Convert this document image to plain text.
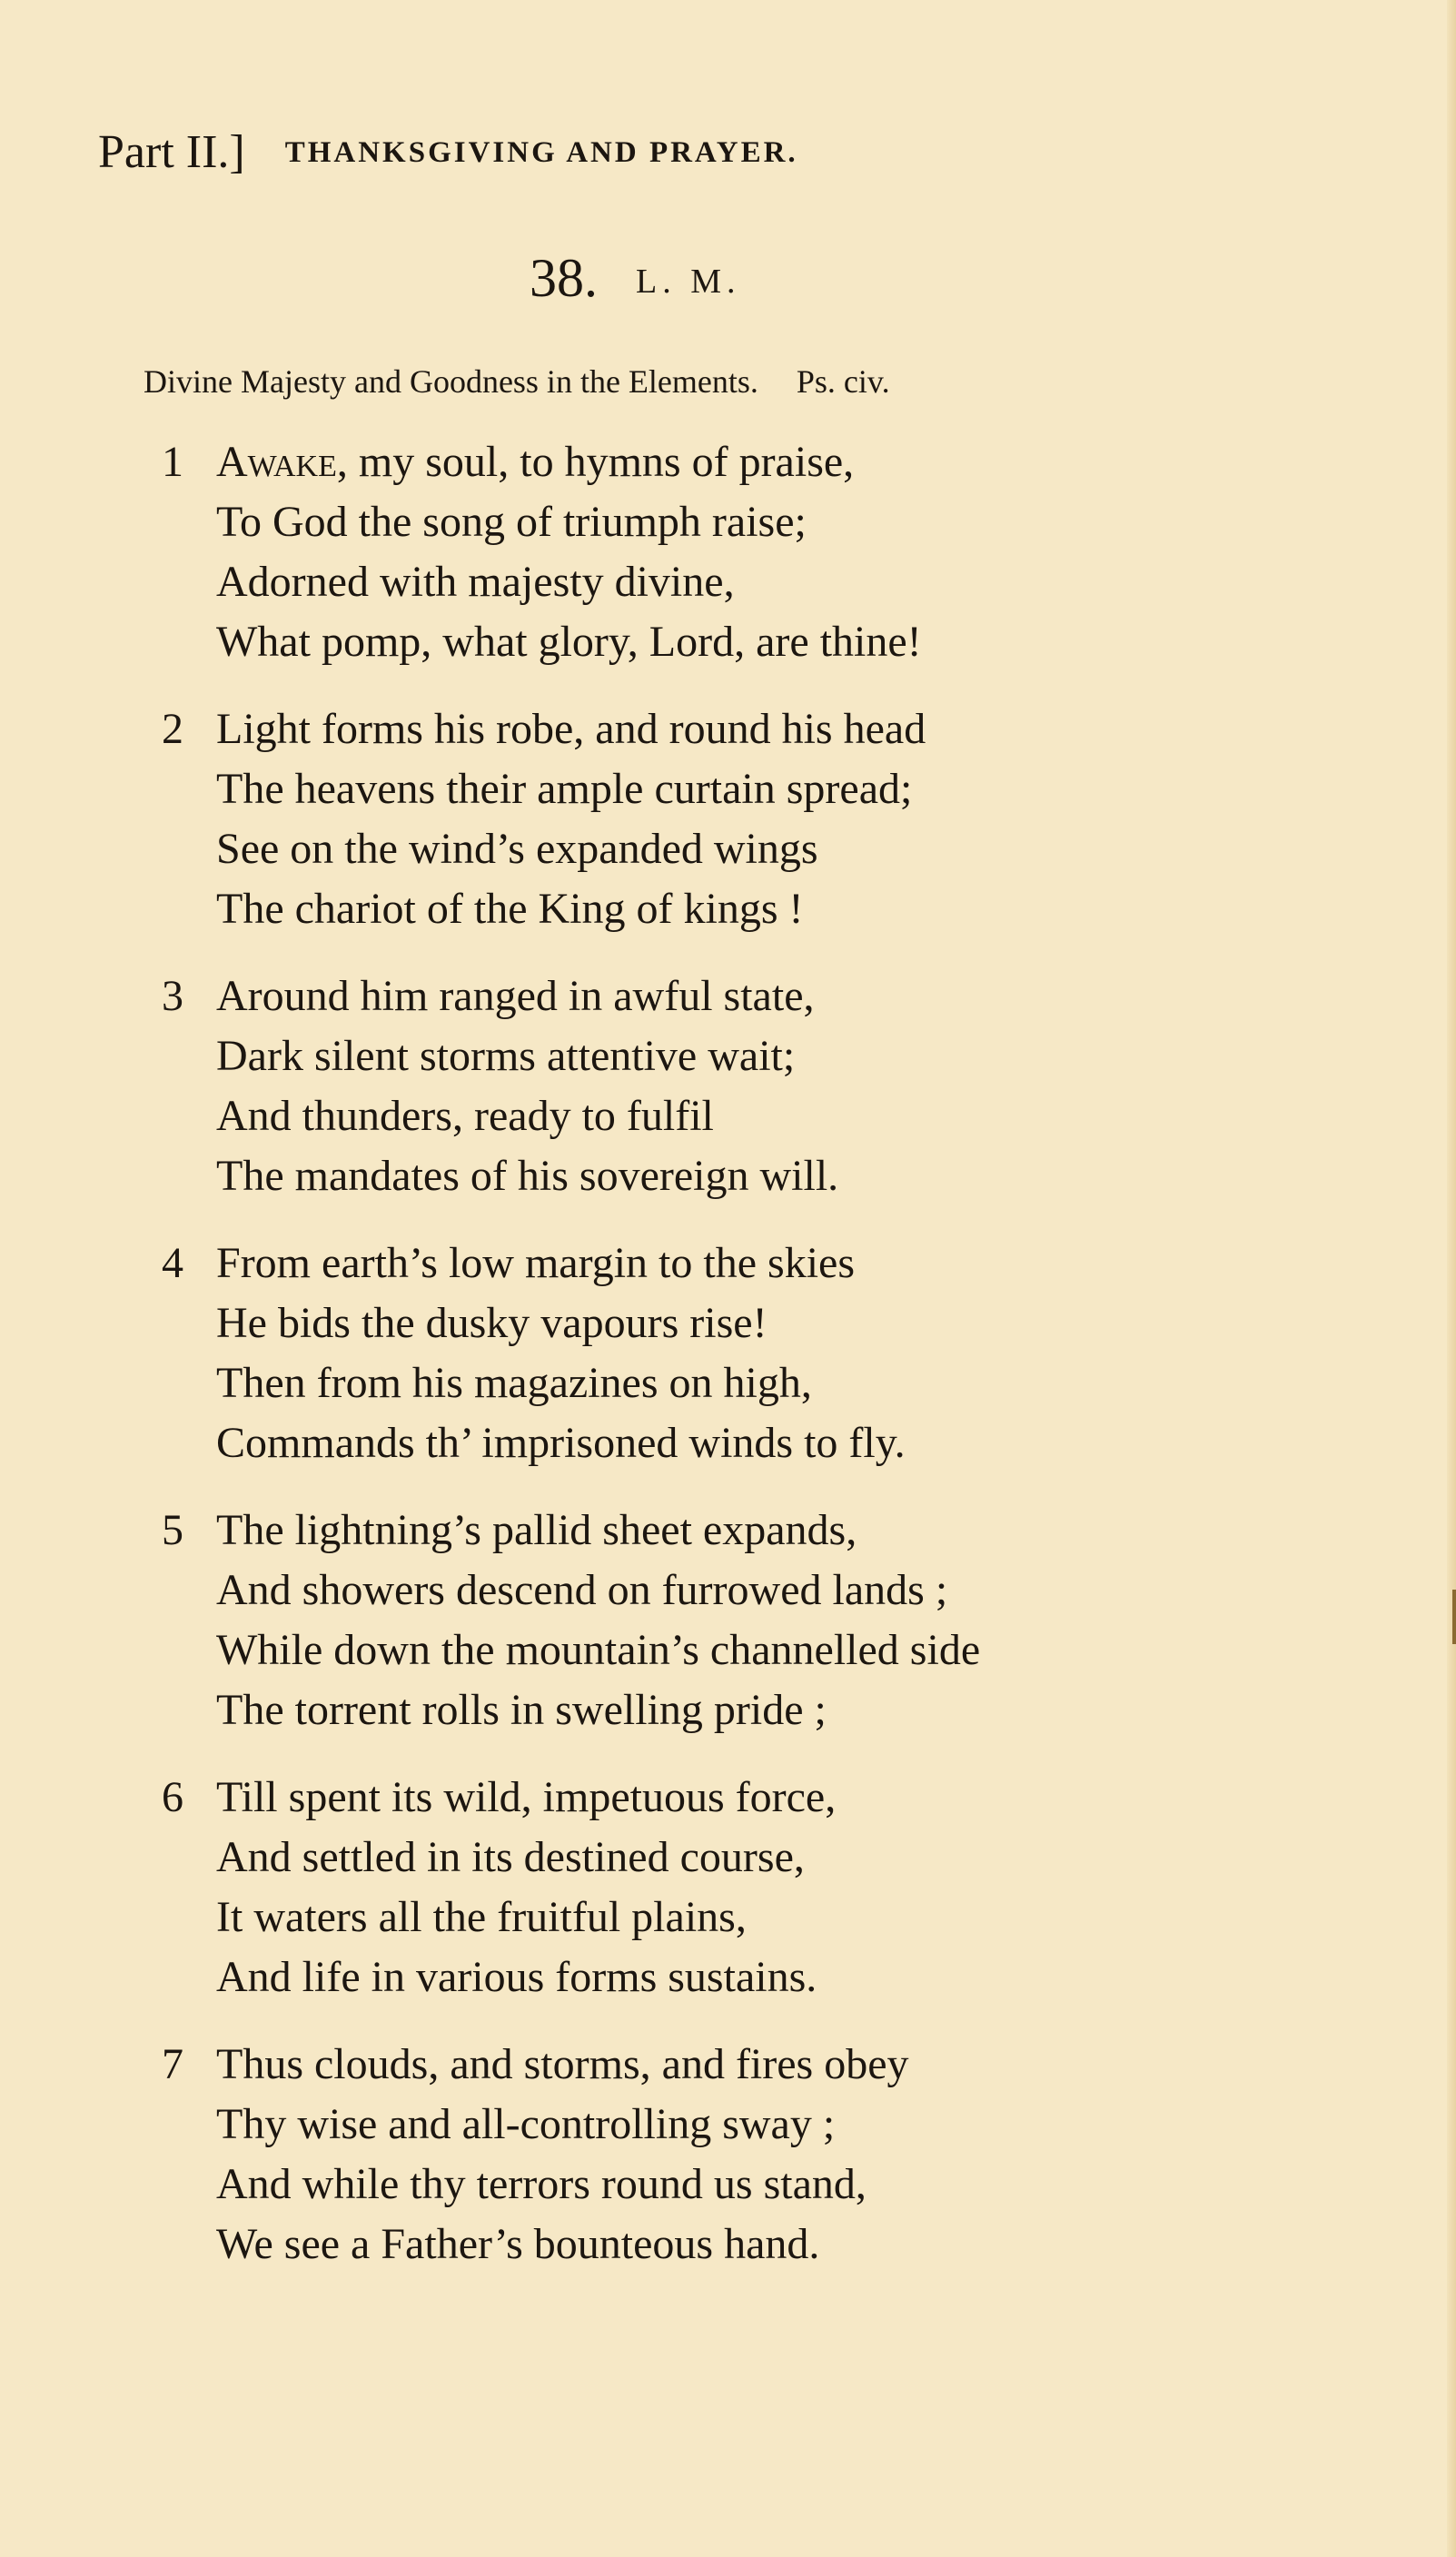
Part II.] THANKSGIVING AND PRAYER.
38. L. M.
Divine Majesty and Goodness in the Elements. Ps. civ.
1 Awake, my soul, to hymns of praise,
To God the song of triumph raise;
Adorned with majesty divine,
What pomp, what glory, Lord, are thine!
2 Light forms his robe, and round his head
The heavens their ample curtain spread;
See on the wind’s expanded wings
The chariot of the King of kings !
3 Around him ranged in awful state,
Dark silent storms attentive wait;
And thunders, ready to fulfil
The mandates of his sovereign will.
4 From earth’s low margin to the skies
He bids the dusky vapours rise!
Then from his magazines on high,
Commands th’ imprisoned winds to fly.
5 The lightning’s pallid sheet expands,
And showers descend on furrowed lands ;
While down the mountain’s channelled side
The torrent rolls in swelling pride ;
6 Till spent its wild, impetuous force,
And settled in its destined course,
It waters all the fruitful plains,
And life in various forms sustains.
7 Thus clouds, and storms, and fires obey
Thy wise and all-controlling sway ;
And while thy terrors round us stand,
We see a Father’s bounteous hand.
